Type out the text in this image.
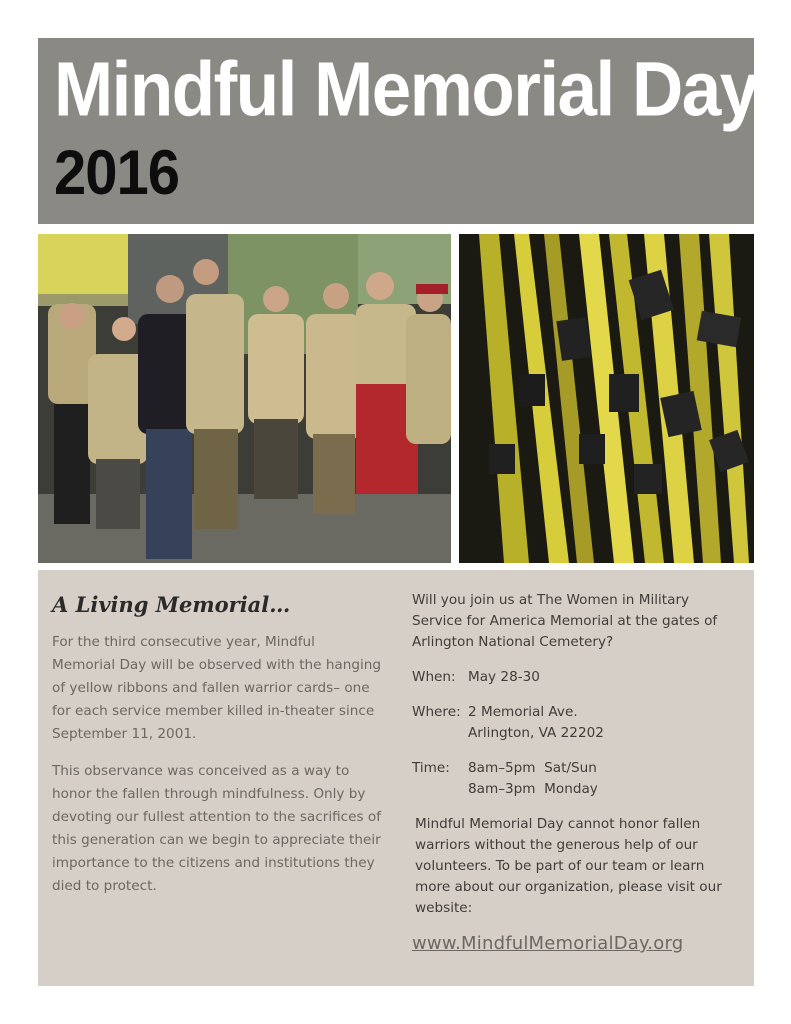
Mindful Memorial Day
2016
A Living Memorial…

For the third consecutive year, Mindful Memorial Day will be observed with the hanging of yellow ribbons and fallen warrior cards– one for each service member killed in-theater since September 11, 2001.

This observance was conceived as a way to honor the fallen through mindfulness. Only by devoting our fullest attention to the sacrifices of this generation can we begin to appreciate their importance to the citizens and institutions they died to protect.

Will you join us at The Women in Military Service for America Memorial at the gates of Arlington National Cemetery?

When: May 28-30
Where: 2 Memorial Ave.
Arlington, VA 22202
Time:	8am–5pm  Sat/Sun
8am–3pm  Monday

Mindful Memorial Day cannot honor fallen warriors without the generous help of our volunteers. To be part of our team or learn more about our organization, please visit our website:

www.MindfulMemorialDay.org
